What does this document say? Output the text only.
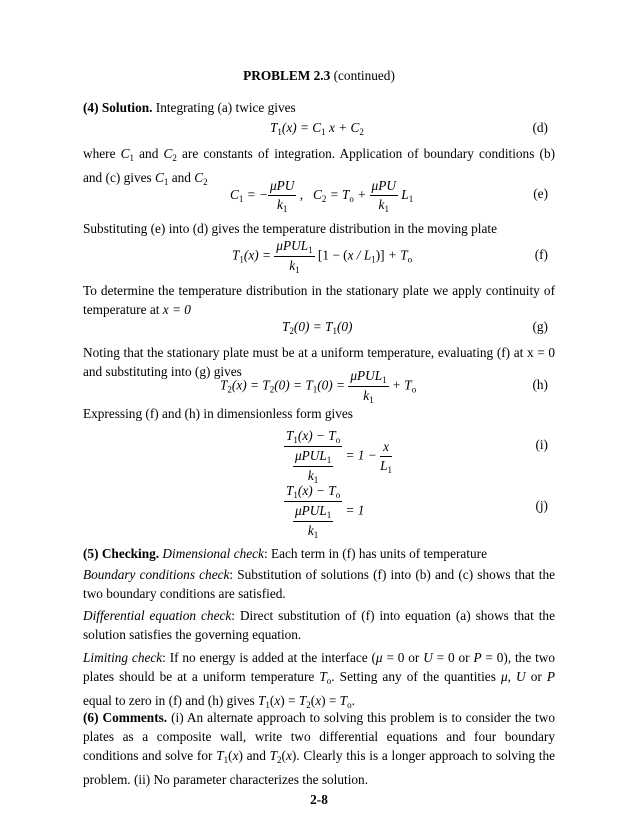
PROBLEM 2.3 (continued)
(4) Solution. Integrating (a) twice gives
$T_1(x) = C_1$ $x + C_2$	(d)
where $C_1$ and $C_2$ are constants of integration. Application of boundary conditions (b) and (c) gives $C_1$ and $C_2$
$C_1$ = − $\frac{\text{μPU}}{k_1}$ ,   $C_2 = T_o + \frac{\text{μPU}}{k_1} L_1$	(e)
Substituting (e) into (d) gives the temperature distribution in the moving plate
$T_1(x) = \frac{\mu PUL_1}{k_1} [1 - (x / L_1)] + T_o$	(f)
To determine the temperature distribution in the stationary plate we apply continuity of temperature at x = 0
$T_2(0) = T_1(0)$	(g)
Noting that the stationary plate must be at a uniform temperature, evaluating (f) at x = 0 and substituting into (g) gives
$T_2(x) = T_2(0) = T_1(0) = \frac{\mu PUL_1}{k_1} + T_o$	(h)
Expressing (f) and (h) in dimensionless form gives
$\frac{T_1(x) - T_o}{\frac{\mu PUL_1}{k_1}} = 1 - \frac{x}{L_1}$	(i)
$\frac{T_1(x) - T_o}{\frac{\mu PUL_1}{k_1}} = 1$	(j)
(5) Checking. Dimensional check: Each term in (f) has units of temperature
Boundary conditions check: Substitution of solutions (f) into (b) and (c) shows that the two boundary conditions are satisfied.
Differential equation check: Direct substitution of (f) into equation (a) shows that the solution satisfies the governing equation.
Limiting check: If no energy is added at the interface (μ = 0 or U = 0 or P = 0), the two plates should be at a uniform temperature $T_o$. Setting any of the quantities μ, U or P equal to zero in (f) and (h) gives $T_1(x) = T_2(x) = T_o$.
(6) Comments. (i) An alternate approach to solving this problem is to consider the two plates as a composite wall, write two differential equations and four boundary conditions and solve for $T_1(x)$ and $T_2(x)$. Clearly this is a longer approach to solving the problem. (ii) No parameter characterizes the solution.
2-8
